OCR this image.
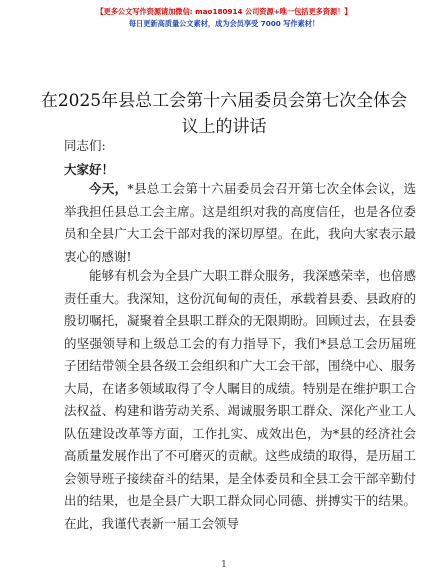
【更多公文写作资源请加微信: mao180914 公司资源+唯一包括更多资源！】
每日更新高质量公文素材，成为会员享受 7000 写作素材！
在2025年县总工会第十六届委员会第七次全体会议上的讲话
同志们:
大家好！
今天，*县总工会第十六届委员会召开第七次全体会议，选举我担任县总工会主席。这是组织对我的高度信任，也是各位委员和全县广大工会干部对我的深切厚望。在此，我向大家表示最衷心的感谢!
能够有机会为全县广大职工群众服务，我深感荣幸，也倍感责任重大。我深知，这份沉甸甸的责任，承载着县委、县政府的殷切嘱托，凝聚着全县职工群众的无限期盼。回顾过去，在县委的坚强领导和上级总工会的有力指导下，我们*县总工会历届班子团结带领全县各级工会组织和广大工会干部，围绕中心、服务大局，在诸多领域取得了令人瞩目的成绩。特别是在维护职工合法权益、构建和谐劳动关系、竭诚服务职工群众、深化产业工人队伍建设改革等方面，工作扎实、成效出色，为*县的经济社会高质量发展作出了不可磨灭的贡献。这些成绩的取得，是历届工会领导班子接续奋斗的结果，是全体委员和全县工会干部辛勤付出的结果，也是全县广大职工群众同心同德、拼搏实干的结果。在此，我谨代表新一届工会领导
1
